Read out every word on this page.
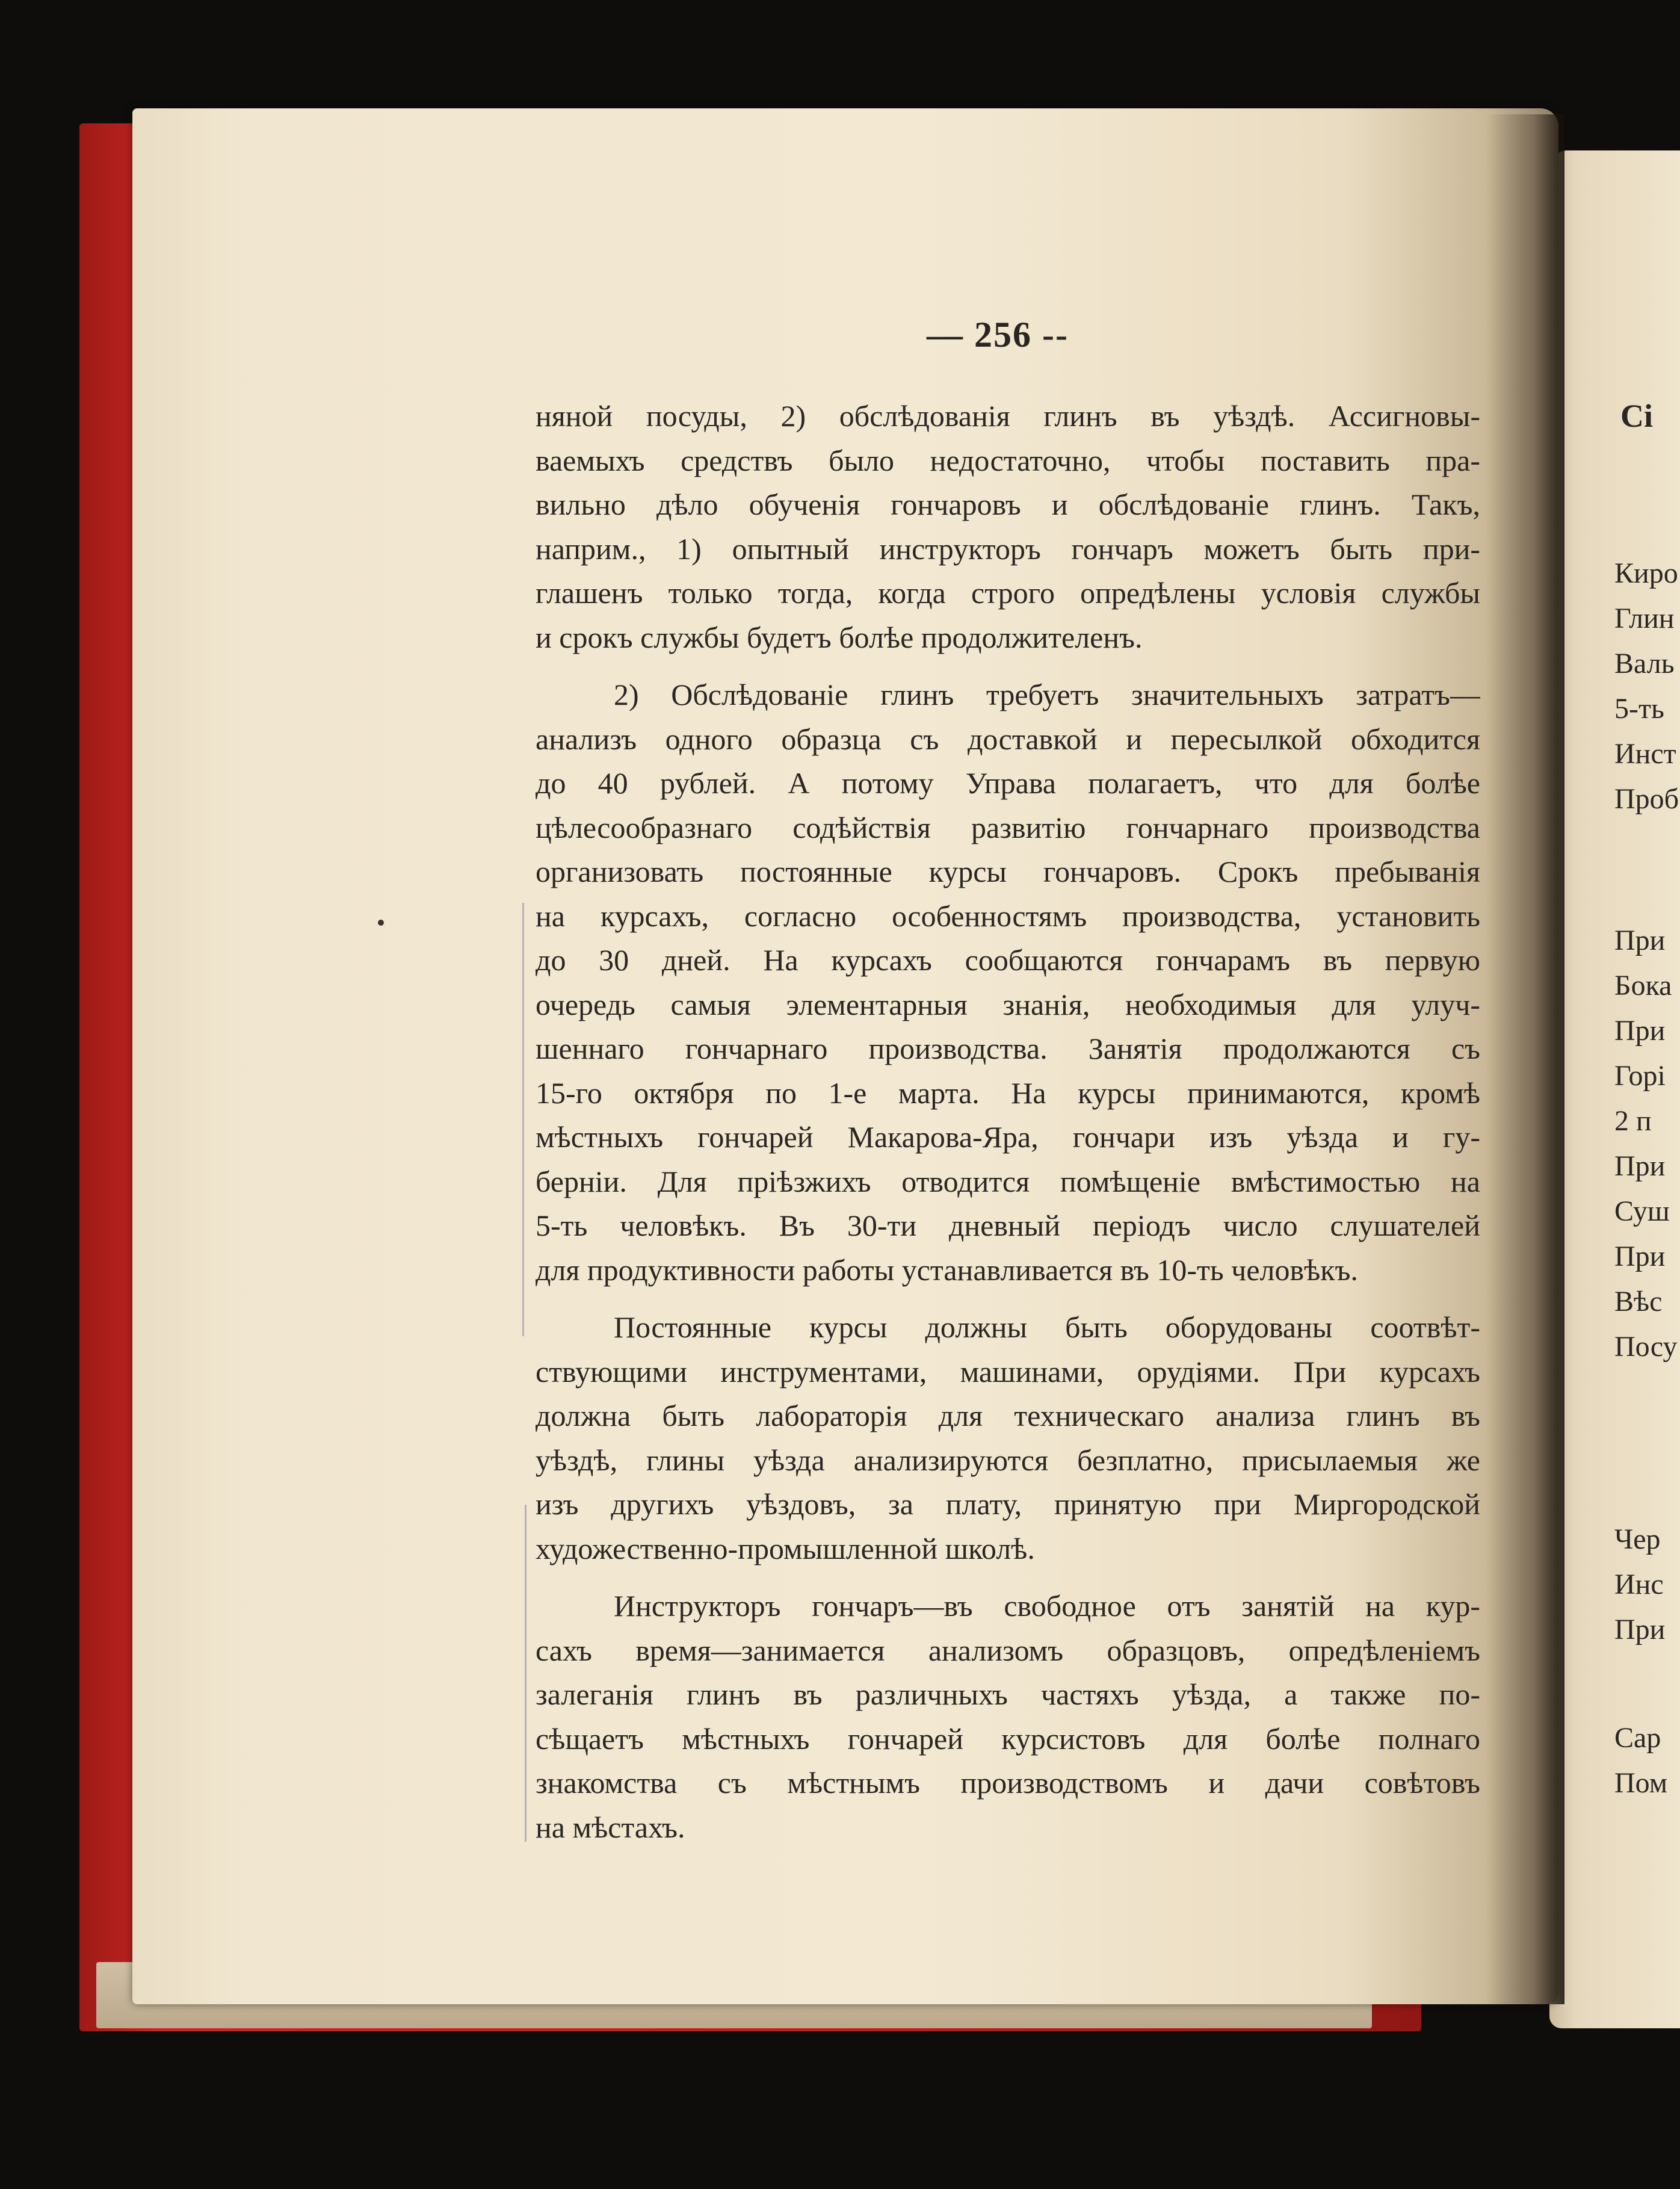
— 256 --
няной посуды, 2) обслѣдованія глинъ въ уѣздѣ. Ассигновы-
ваемыхъ средствъ было недостаточно, чтобы поставить пра-
вильно дѣло обученія гончаровъ и обслѣдованіе глинъ. Такъ,
наприм., 1) опытный инструкторъ гончаръ можетъ быть при-
глашенъ только тогда, когда строго опредѣлены условія службы
и срокъ службы будетъ болѣе продолжителенъ.
2) Обслѣдованіе глинъ требуетъ значительныхъ затратъ—
анализъ одного образца съ доставкой и пересылкой обходится
до 40 рублей. А потому Управа полагаетъ, что для болѣе
цѣлесообразнаго содѣйствія развитію гончарнаго производства
организовать постоянные курсы гончаровъ. Срокъ пребыванія
на курсахъ, согласно особенностямъ производства, установить
до 30 дней. На курсахъ сообщаются гончарамъ въ первую
очередь самыя элементарныя знанія, необходимыя для улуч-
шеннаго гончарнаго производства. Занятія продолжаются съ
15-го октября по 1-е марта. На курсы принимаются, кромѣ
мѣстныхъ гончарей Макарова-Яра, гончари изъ уѣзда и гу-
берніи. Для пріѣзжихъ отводится помѣщеніе вмѣстимостью на
5-ть человѣкъ. Въ 30-ти дневный періодъ число слушателей
для продуктивности работы устанавливается въ 10-ть человѣкъ.
Постоянные курсы должны быть оборудованы соотвѣт-
ствующими инструментами, машинами, орудіями. При курсахъ
должна быть лабораторія для техническаго анализа глинъ въ
уѣздѣ, глины уѣзда анализируются безплатно, присылаемыя же
изъ другихъ уѣздовъ, за плату, принятую при Миргородской
художественно-промышленной школѣ.
Инструкторъ гончаръ—въ свободное отъ занятій на кур-
сахъ время—занимается анализомъ образцовъ, опредѣленіемъ
залеганія глинъ въ различныхъ частяхъ уѣзда, а также по-
сѣщаетъ мѣстныхъ гончарей курсистовъ для болѣе полнаго
знакомства съ мѣстнымъ производствомъ и дачи совѣтовъ
на мѣстахъ.
Сі
Киро
Глин
Валь
5-ть
Инст
Проб
При
Бока
При
Горі
2 п
При
Суш
При
Вѣс
Посу
Чер
Инс
При
Сар
Пом
